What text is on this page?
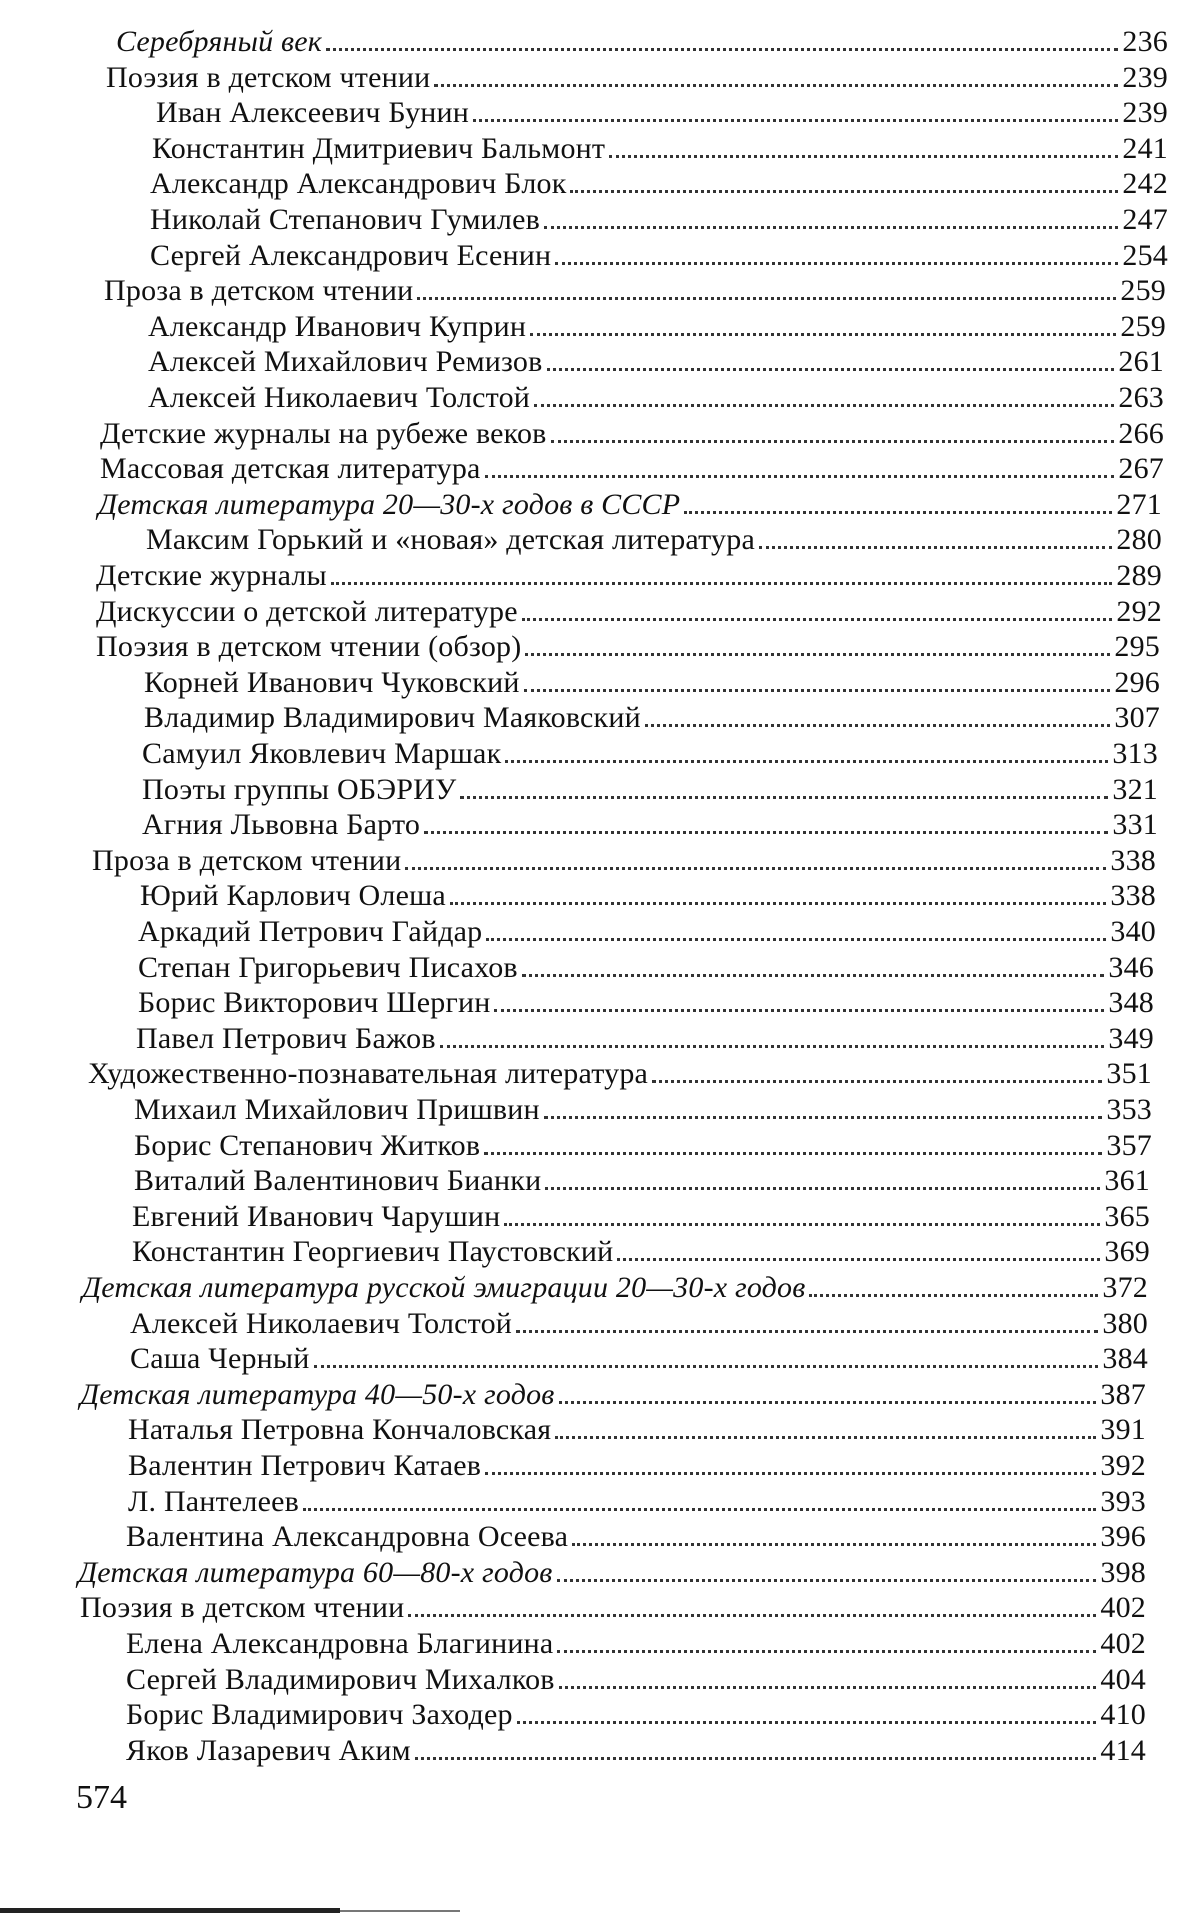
Серебряный век	236
Поэзия в детском чтении	239
Иван Алексеевич Бунин	239
Константин Дмитриевич Бальмонт	241
Александр Александрович Блок	242
Николай Степанович Гумилев	247
Сергей Александрович Есенин	254
Проза в детском чтении	259
Александр Иванович Куприн	259
Алексей Михайлович Ремизов	261
Алексей Николаевич Толстой	263
Детские журналы на рубеже веков	266
Массовая детская литература	267
Детская литература 20—30-х годов в СССР	271
Максим Горький и «новая» детская литература	280
Детские журналы	289
Дискуссии о детской литературе	292
Поэзия в детском чтении (обзор)	295
Корней Иванович Чуковский	296
Владимир Владимирович Маяковский	307
Самуил Яковлевич Маршак	313
Поэты группы ОБЭРИУ	321
Агния Львовна Барто	331
Проза в детском чтении	338
Юрий Карлович Олеша	338
Аркадий Петрович Гайдар	340
Степан Григорьевич Писахов	346
Борис Викторович Шергин	348
Павел Петрович Бажов	349
Художественно-познавательная литература	351
Михаил Михайлович Пришвин	353
Борис Степанович Житков	357
Виталий Валентинович Бианки	361
Евгений Иванович Чарушин	365
Константин Георгиевич Паустовский	369
Детская литература русской эмиграции 20—30-х годов	372
Алексей Николаевич Толстой	380
Саша Черный	384
Детская литература 40—50-х годов	387
Наталья Петровна Кончаловская	391
Валентин Петрович Катаев	392
Л. Пантелеев	393
Валентина Александровна Осеева	396
Детская литература 60—80-х годов	398
Поэзия в детском чтении	402
Елена Александровна Благинина	402
Сергей Владимирович Михалков	404
Борис Владимирович Заходер	410
Яков Лазаревич Аким	414
574
